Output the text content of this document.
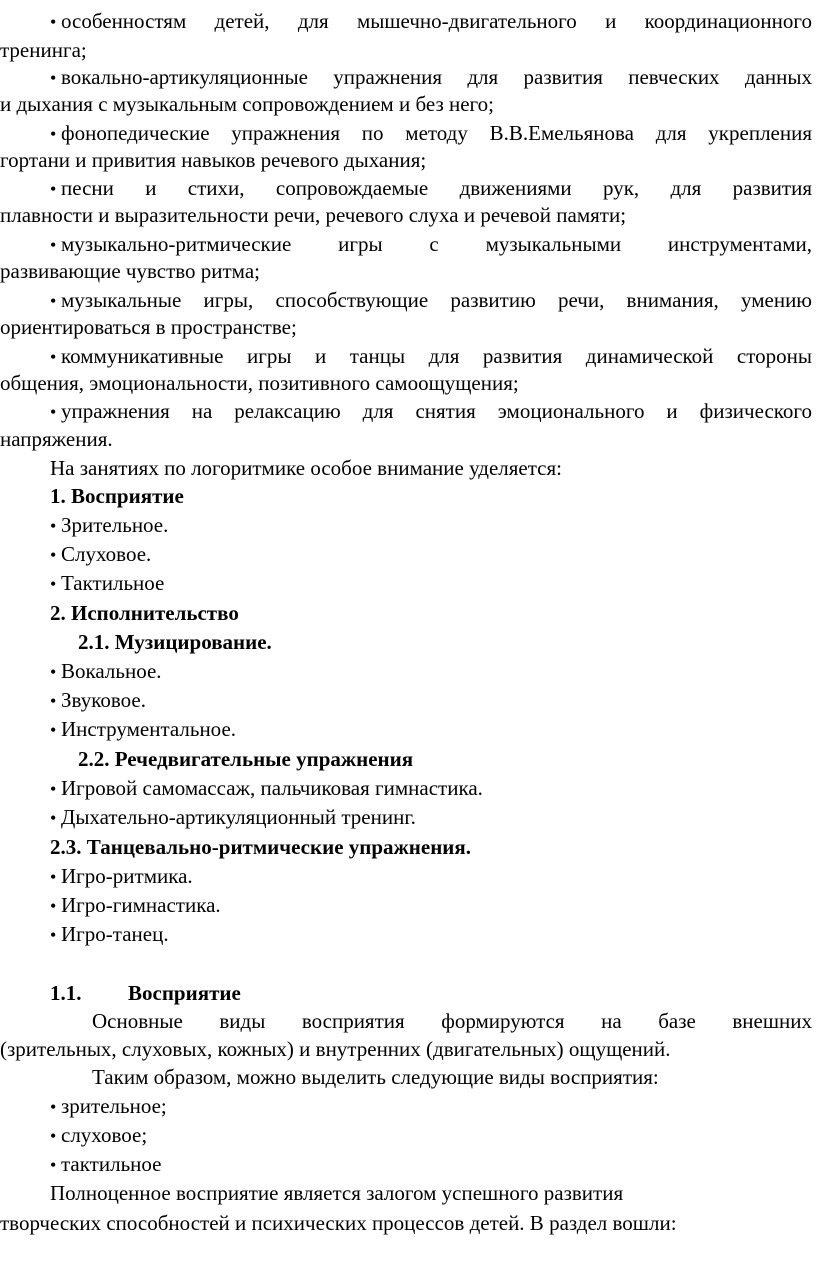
• особенностям детей, для мышечно-двигательного и координационного
тренинга;
• вокально-артикуляционные упражнения для развития певческих данных
и дыхания с музыкальным сопровождением и без него;
• фонопедические упражнения по методу В.В.Емельянова для укрепления
гортани и привития навыков речевого дыхания;
• песни и стихи, сопровождаемые движениями рук, для развития
плавности и выразительности речи, речевого слуха и речевой памяти;
• музыкально-ритмические игры с музыкальными инструментами,
развивающие чувство ритма;
• музыкальные игры, способствующие развитию речи, внимания, умению
ориентироваться в пространстве;
• коммуникативные игры и танцы для развития динамической стороны
общения, эмоциональности, позитивного самоощущения;
• упражнения на релаксацию для снятия эмоционального и физического
напряжения.
На занятиях по логоритмике особое внимание уделяется:
1. Восприятие
• Зрительное.
• Слуховое.
• Тактильное
2. Исполнительство
2.1. Музицирование.
• Вокальное.
• Звуковое.
• Инструментальное.
2.2. Речедвигательные упражнения
• Игровой самомассаж, пальчиковая гимнастика.
• Дыхательно-артикуляционный тренинг.
2.3. Танцевально-ритмические упражнения.
• Игро-ритмика.
• Игро-гимнастика.
• Игро-танец.
1.1.	Восприятие
Основные виды восприятия формируются на базе внешних
(зрительных, слуховых, кожных) и внутренних (двигательных) ощущений.
Таким образом, можно выделить следующие виды восприятия:
• зрительное;
• слуховое;
• тактильное
Полноценное восприятие является залогом успешного развития
творческих способностей и психических процессов детей. В раздел вошли:
